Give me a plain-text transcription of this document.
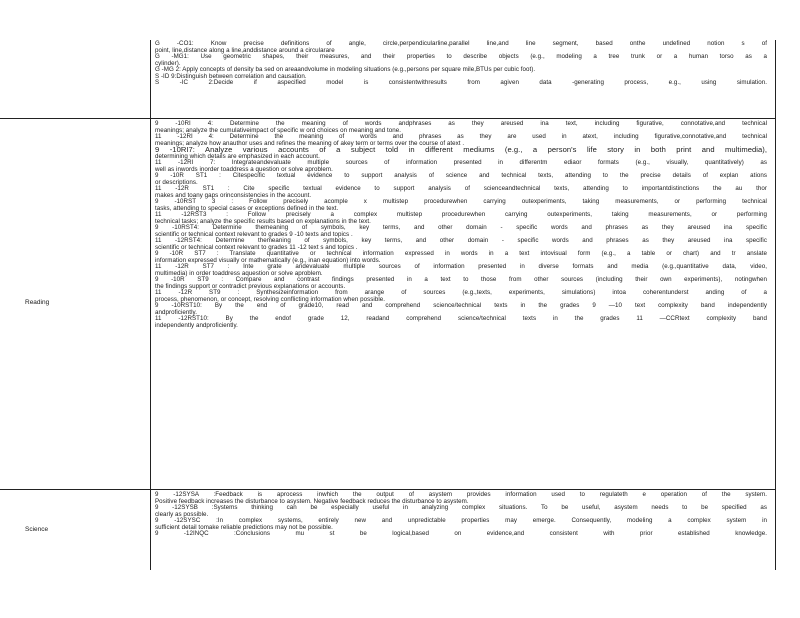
G -CO1: Know precise definitions of angle, circle,perpendicularline,parallel line,and line segment, based onthe undefined notion s of
point, line,distance along a line,anddistance around a circularare
G -MG1: Use geometric shapes, their measures, and their properties to describe objects (e.g., modeling a tree trunk or a human torso as a
cylinder).
G -MG 2: Apply concepts of density ba sed on areaandvolume in modeling situations (e.g.,persons per square mile,BTUs per cubic foot).
S -ID 9:Distinguish between correlation and causation.
S -IC 2:Decide if aspecified model is consistentwithresults from agiven data -generating process, e.g., using simulation.
Reading
9 -10RI 4: Determine the meaning of words andphrases as they areused ina text, including figurative, connotative,and technical
meanings; analyze the cumulativeimpact of specific w ord choices on meaning and tone.
11 -12RI 4: Determine the meaning of words and phrases as they are used in atext, including figurative,connotative,and technical
meanings; analyze how anauthor uses and refines the meaning of akey term or terms over the course of atext .
9 -10RI7: Analyze various accounts of a subject told in different mediums (e.g., a person's life story in both print and multimedia),
determining which details are emphasized in each account.
11 -12RI 7: Integrateandevaluate multiple sources of information presented in differentm ediaor formats (e.g., visually, quantitatively) as
well as inwords inorder toaddress a question or solve aproblem.
9 -10R ST1 : Citespecific textual evidence to support analysis of science and technical texts, attending to the precise details of explan ations
or descriptions.
11 -12R ST1 : Cite specific textual evidence to support analysis of scienceandtechnical texts, attending to importantdistinctions the au thor
makes and toany gaps orinconsistencies in the account.
9 -10RST 3 : Follow precisely acomple x multistep procedurewhen carrying outexperiments, taking measurements, or performing technical
tasks, attending to special cases or exceptions defined in the text.
11 -12RST3 : Follow precisely a complex multistep procedurewhen carrying outexperiments, taking measurements, or performing
technical tasks; analyze the specific results based on explanations in the text.
9 -10RST4: Determine themeaning of symbols, key terms, and other domain - specific words and phrases as they areused ina specific
scientific or technical context relevant to grades 9 -10 texts and topics .
11 -12RST4: Determine themeaning of symbols, key terms, and other domain - specific words and phrases as they areused ina specific
scientific or technical context relevant to grades 11 -12 text s and topics .
9 -10R ST7 : Translate quantitative or technical information expressed in words in a text intovisual form (e.g., a table or chart) and tr anslate
information expressed visually or mathematically (e.g., inan equation) into words.
11 -12R ST7 : Inte grate andevaluate multiple sources of information presented in diverse formats and media (e.g.,quantitative data, video,
multimedia) in order toaddress aquestion or solve aproblem.
9 -10R ST9 : Compare and contrast findings presented in a text to those from other sources (including their own experiments), notingwhen
the findings support or contradict previous explanations or accounts.
11 -12R ST9 : Synthesizeinformation from arange of sources (e.g.,texts, experiments, simulations) intoa coherentunderst anding of a
process, phenomenon, or concept, resolving conflicting information when possible.
9 -10RST10: By the end of grade10, read and comprehend science/technical texts in the grades 9 —10 text complexity band independently
andproficiently.
11 -12RST10: By the endof grade 12, readand comprehend science/technical texts in the grades 11 —CCRtext complexity band
independently andproficiently.
Science
9 -12SYSA :Feedback is aprocess inwhich the output of asystem provides information used to regulateth e operation of the system.
Positive feedback increases the disturbance to asystem. Negative feedback reduces the disturbance to asystem.
9 -12SYSB :Systems thinking can be especially useful in analyzing complex situations. To be useful, asystem needs to be specified as
clearly as possible.
9 -12SYSC :In complex systems, entirely new and unpredictable properties may emerge. Consequently, modeling a complex system in
sufficient detail tomake reliable predictions may not be possible.
9 -12INQC :Conclusions mu st be logical,based on evidence,and consistent with prior established knowledge.
